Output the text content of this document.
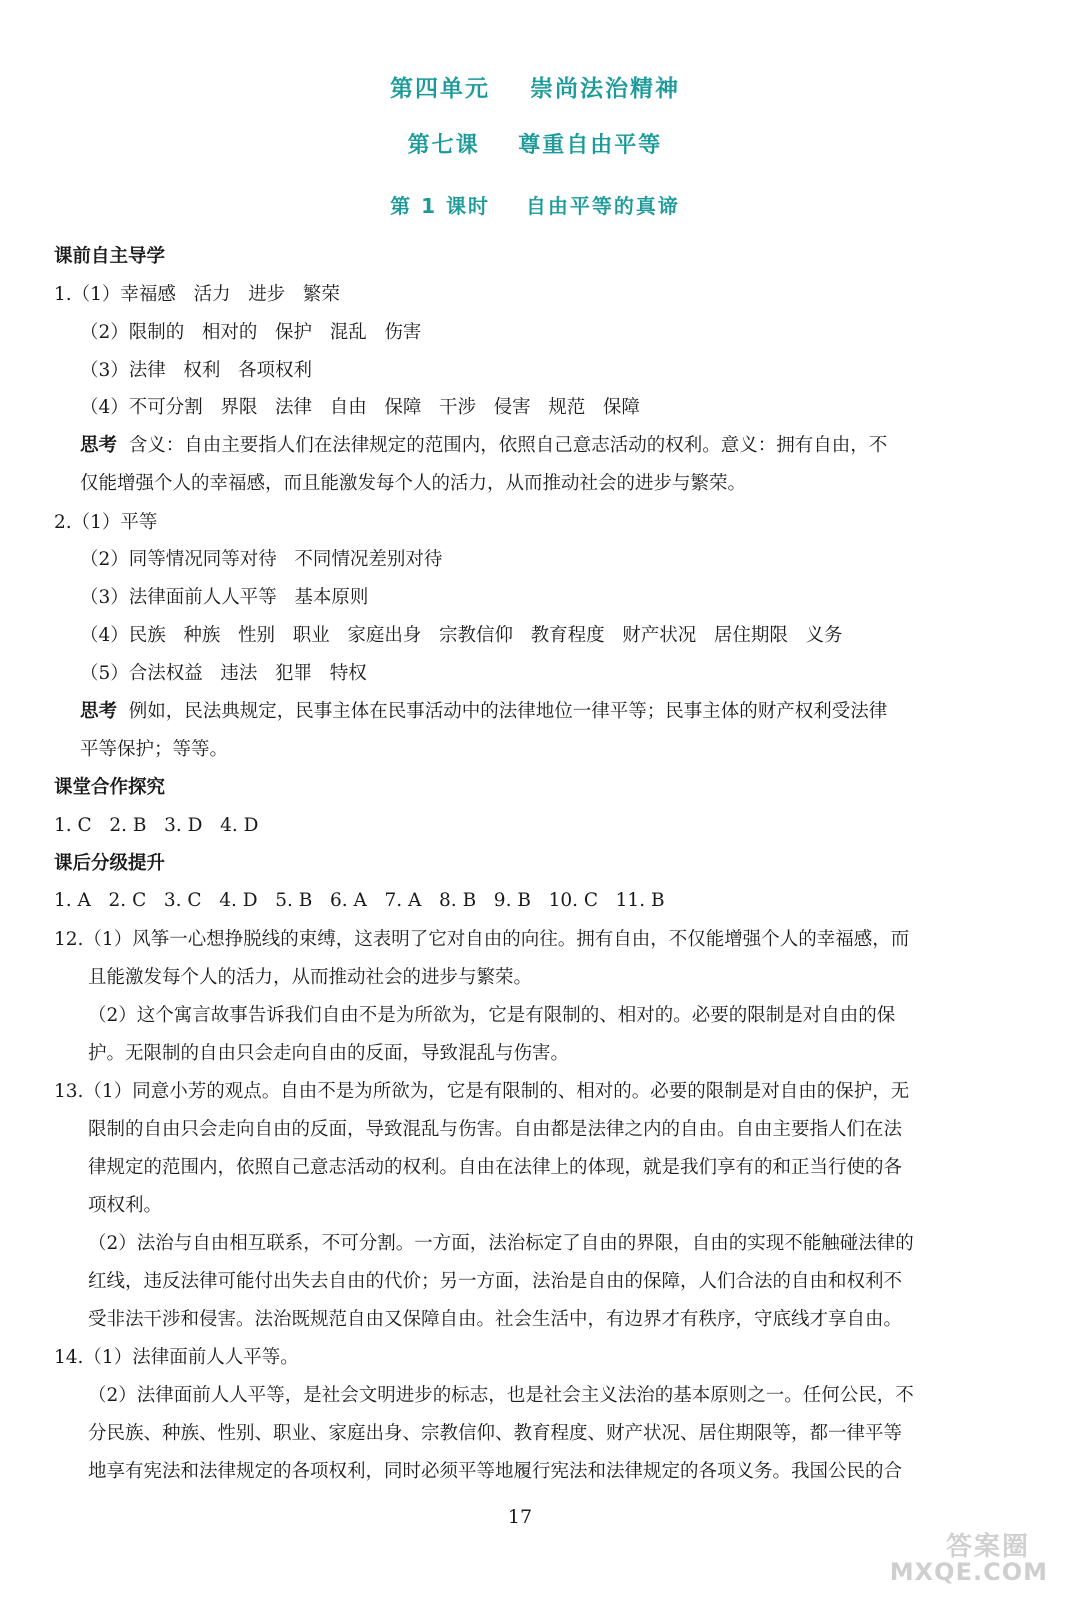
第四单元    崇尚法治精神
第七课    尊重自由平等
第 1 课时    自由平等的真谛
课前自主导学
1.（1）幸福感   活力   进步   繁荣
（2）限制的   相对的   保护   混乱   伤害
（3）法律   权利   各项权利
（4）不可分割   界限   法律   自由   保障   干涉   侵害   规范   保障
思考 含义：自由主要指人们在法律规定的范围内，依照自己意志活动的权利。意义：拥有自由，不
仅能增强个人的幸福感，而且能激发每个人的活力，从而推动社会的进步与繁荣。
2.（1）平等
（2）同等情况同等对待   不同情况差别对待
（3）法律面前人人平等   基本原则
（4）民族   种族   性别   职业   家庭出身   宗教信仰   教育程度   财产状况   居住期限   义务
（5）合法权益   违法   犯罪   特权
思考 例如，民法典规定，民事主体在民事活动中的法律地位一律平等；民事主体的财产权利受法律
平等保护；等等。
课堂合作探究
1. C   2. B   3. D   4. D
课后分级提升
1. A   2. C   3. C   4. D   5. B   6. A   7. A   8. B   9. B   10. C   11. B
12.（1）风筝一心想挣脱线的束缚，这表明了它对自由的向往。拥有自由，不仅能增强个人的幸福感，而
且能激发每个人的活力，从而推动社会的进步与繁荣。
（2）这个寓言故事告诉我们自由不是为所欲为，它是有限制的、相对的。必要的限制是对自由的保
护。无限制的自由只会走向自由的反面，导致混乱与伤害。
13.（1）同意小芳的观点。自由不是为所欲为，它是有限制的、相对的。必要的限制是对自由的保护，无
限制的自由只会走向自由的反面，导致混乱与伤害。自由都是法律之内的自由。自由主要指人们在法
律规定的范围内，依照自己意志活动的权利。自由在法律上的体现，就是我们享有的和正当行使的各
项权利。
（2）法治与自由相互联系，不可分割。一方面，法治标定了自由的界限，自由的实现不能触碰法律的
红线，违反法律可能付出失去自由的代价；另一方面，法治是自由的保障，人们合法的自由和权利不
受非法干涉和侵害。法治既规范自由又保障自由。社会生活中，有边界才有秩序，守底线才享自由。
14.（1）法律面前人人平等。
（2）法律面前人人平等，是社会文明进步的标志，也是社会主义法治的基本原则之一。任何公民，不
分民族、种族、性别、职业、家庭出身、宗教信仰、教育程度、财产状况、居住期限等，都一律平等
地享有宪法和法律规定的各项权利，同时必须平等地履行宪法和法律规定的各项义务。我国公民的合
17
答案圈
MXQE.COM
